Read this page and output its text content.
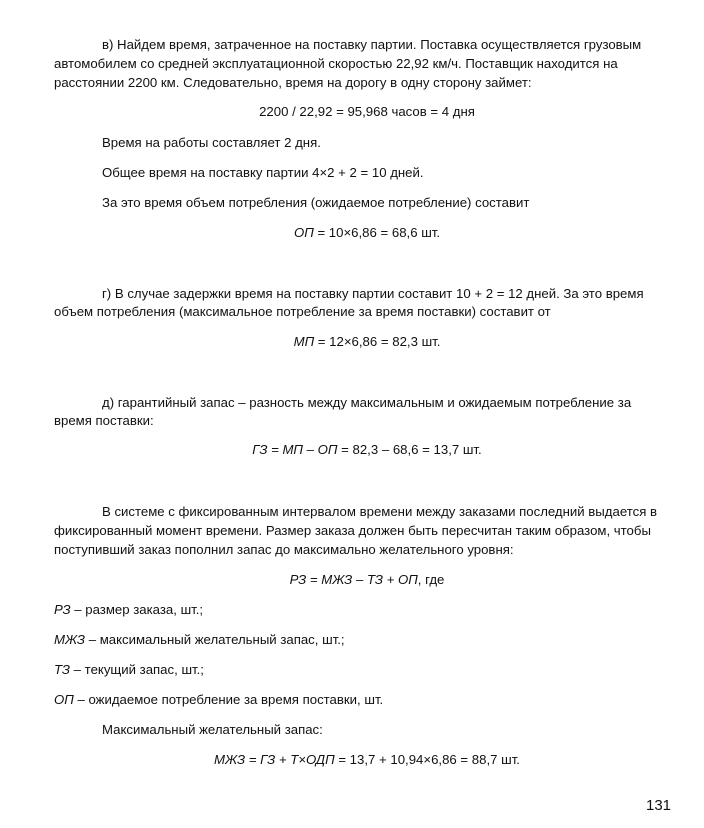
в) Найдем время, затраченное на поставку партии. Поставка осуществляется грузовым
автомобилем со средней эксплуатационной скоростью 22,92 км/ч. Поставщик находится на
расстоянии 2200 км. Следовательно, время на дорогу в одну сторону займет:
2200 / 22,92 = 95,968 часов = 4 дня
Время на работы составляет 2 дня.
Общее время на поставку партии 4×2 + 2 = 10 дней.
За это время объем потребления (ожидаемое потребление) составит
ОП = 10×6,86 = 68,6 шт.
г) В случае задержки время на поставку партии составит 10 + 2 = 12 дней. За это время
объем потребления (максимальное потребление за время поставки) составит от
МП = 12×6,86 = 82,3 шт.
д) гарантийный запас – разность между максимальным и ожидаемым потребление за
время поставки:
ГЗ = МП – ОП = 82,3 – 68,6 = 13,7 шт.
В системе с фиксированным интервалом времени между заказами последний выдается в
фиксированный момент времени. Размер заказа должен быть пересчитан таким образом, чтобы
поступивший заказ пополнил запас до максимально желательного уровня:
РЗ = МЖЗ – ТЗ + ОП, где
РЗ – размер заказа, шт.;
МЖЗ – максимальный желательный запас, шт.;
ТЗ – текущий запас, шт.;
ОП – ожидаемое потребление за время поставки, шт.
Максимальный желательный запас:
МЖЗ = ГЗ + Т×ОДП = 13,7 + 10,94×6,86 = 88,7 шт.
131
